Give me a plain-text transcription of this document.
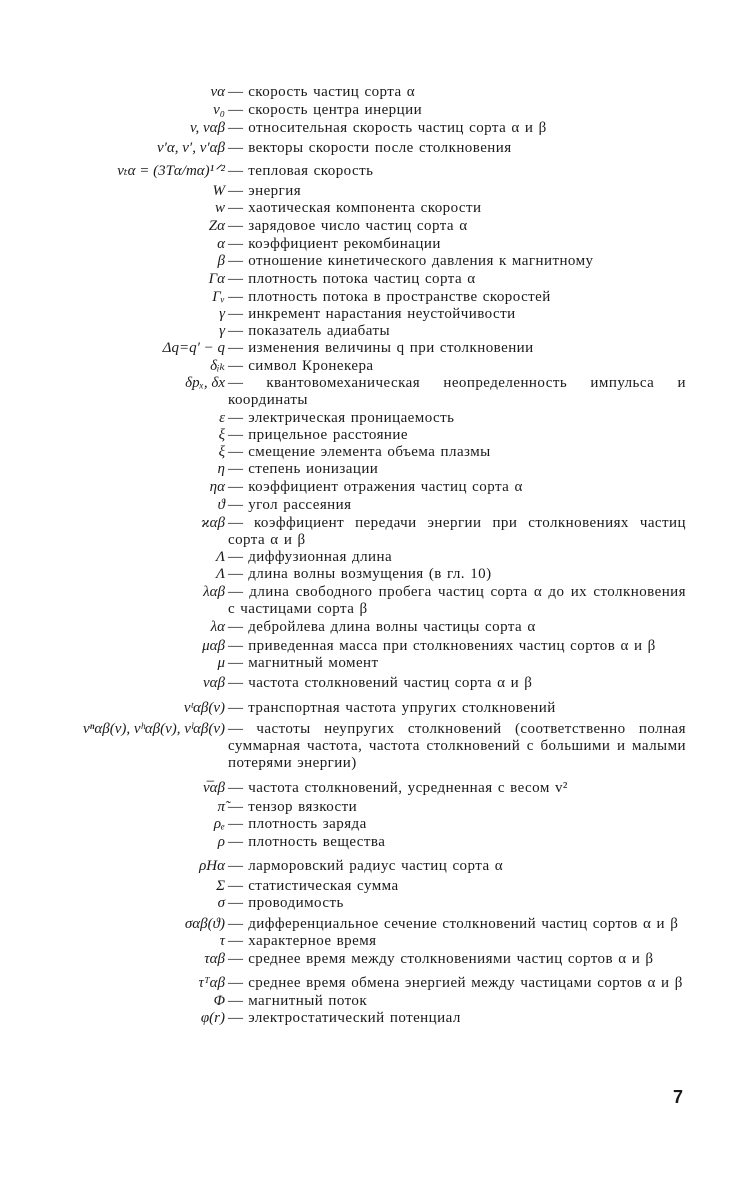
vα — скорость частиц сорта α
v₀ — скорость центра инерции
v, vαβ — относительная скорость частиц сорта α и β
v′α, v′, v′αβ — векторы скорости после столкновения
vₜα = (3Tα/mα)¹ᐟ² — тепловая скорость
W — энергия
w — хаотическая компонента скорости
Zα — зарядовое число частиц сорта α
α — коэффициент рекомбинации
β — отношение кинетического давления к магнитному
Γα — плотность потока частиц сорта α
Γᵥ — плотность потока в пространстве скоростей
γ — инкремент нарастания неустойчивости
γ — показатель адиабаты
Δq=q′ − q — изменения величины q при столкновении
δᵢₖ — символ Кронекера
δpₓ, δx — квантовомеханическая неопределенность импульса и координаты
ε — электрическая проницаемость
ξ — прицельное расстояние
ξ — смещение элемента объема плазмы
η — степень ионизации
ηα — коэффициент отражения частиц сорта α
ϑ — угол рассеяния
ϰαβ — коэффициент передачи энергии при столкновениях частиц сорта α и β
Λ — диффузионная длина
Λ — длина волны возмущения (в гл. 10)
λαβ — длина свободного пробега частиц сорта α до их столкновения с частицами сорта β
λα — дебройлева длина волны частицы сорта α
μαβ — приведенная масса при столкновениях частиц сортов α и β
μ — магнитный момент
ναβ — частота столкновений частиц сорта α и β
νᵗαβ(v) — транспортная частота упругих столкновений
νⁿαβ(v), νʰαβ(v), νˡαβ(v) — частоты неупругих столкновений (соответственно полная суммарная частота, частота столкновений с большими и малыми потерями энергии)
ν̅αβ — частота столкновений, усредненная с весом v²
π̃ — тензор вязкости
ρₑ — плотность заряда
ρ — плотность вещества
ρHα — ларморовский радиус частиц сорта α
Σ — статистическая сумма
σ — проводимость
σαβ(ϑ) — дифференциальное сечение столкновений частиц сортов α и β
τ — характерное время
ταβ — среднее время между столкновениями частиц сортов α и β
τᵀαβ — среднее время обмена энергией между частицами сортов α и β
Φ — магнитный поток
φ(r) — электростатический потенциал
7
